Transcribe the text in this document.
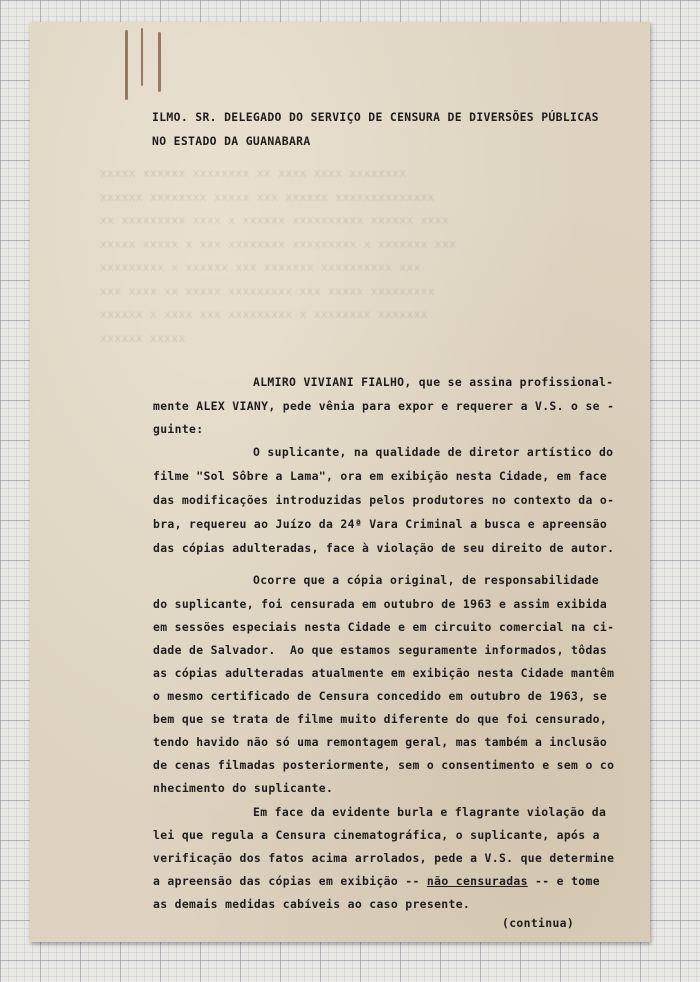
xxxxx xxxxxx xxxxxxxx xx xxxx xxxx xxxxxxxx
xxxxxx xxxxxxxx xxxxx xxx xxxxxx xxxxxxxxxxxxxx
xx xxxxxxxxx xxxx x xxxxxx xxxxxxxxxx xxxxxx xxxx
xxxxx xxxxx x xxx xxxxxxxx xxxxxxxxx x xxxxxxx xxx
xxxxxxxxx x xxxxxx xxx xxxxxxx xxxxxxxxxx xxx
xxx xxxx xx xxxxx xxxxxxxxx xxx xxxxx xxxxxxxxx
xxxxxx x xxxx xxx xxxxxxxxx x xxxxxxxx xxxxxxx
xxxxxx xxxxx

ILMO. SR. DELEGADO DO SERVIÇO DE CENSURA DE DIVERSÕES PÚBLICAS

NO ESTADO DA GUANABARA

ALMIRO VIVIANI FIALHO, que se assina profissional-

mente ALEX VIANY, pede vênia para expor e requerer a V.S. o se -

guinte:

O suplicante, na qualidade de diretor artístico do

filme "Sol Sôbre a Lama", ora em exibição nesta Cidade, em face

das modificações introduzidas pelos produtores no contexto da o-

bra, requereu ao Juízo da 24ª Vara Criminal a busca e apreensão

das cópias adulteradas, face à violação de seu direito de autor.

Ocorre que a cópia original, de responsabilidade

do suplicante, foi censurada em outubro de 1963 e assim exibida

em sessões especiais nesta Cidade e em circuito comercial na ci-

dade de Salvador.  Ao que estamos seguramente informados, tôdas

as cópias adulteradas atualmente em exibição nesta Cidade mantêm

o mesmo certificado de Censura concedido em outubro de 1963, se

bem que se trata de filme muito diferente do que foi censurado,

tendo havido não só uma remontagem geral, mas também a inclusão

de cenas filmadas posteriormente, sem o consentimento e sem o co

nhecimento do suplicante.

Em face da evidente burla e flagrante violação da

lei que regula a Censura cinematográfica, o suplicante, após a

verificação dos fatos acima arrolados, pede a V.S. que determine

a apreensão das cópias em exibição -- não censuradas -- e tome

as demais medidas cabíveis ao caso presente.

(continua)
